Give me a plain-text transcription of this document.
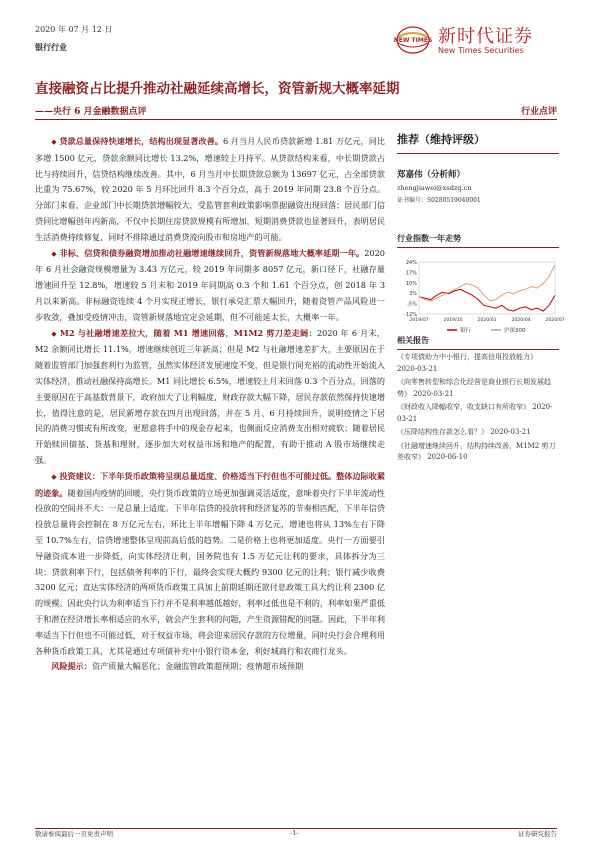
2020 年 07 月 12 日
银行行业
NEW TIMES 新时代证券
New Times Securities
直接融资占比提升推动社融延续高增长，资管新规大概率延期
——央行 6 月金融数据点评	行业点评

◆ 贷款总量保持快速增长，结构出现显著改善。6 月当月人民币贷款新增 1.81 万亿元，同比多增 1500 亿元，贷款余额同比增长 13.2%，增速较上月持平。从贷款结构来看，中长期贷款占比与持续回升，信贷结构继续改善。其中，6 月当月中长期贷款总额为 13697 亿元，占全部贷款比重为 75.67%，较 2020 年 5 月环比回升 8.3 个百分点，高于 2019 年同期 23.8 个百分点。分部门来看，企业部门中长期贷款增幅较大，受监管套利政策影响票据融资出现回落；居民部门信贷同比增幅创年内新高，不仅中长期住房贷款规模有所增加，短期消费贷款也显著回升，表明居民生活消费持续修复，同时不排除通过消费贷流向股市和房地产的可能。

◆ 非标、信贷和债券融资增加推动社融增速继续回升，资管新规落地大概率延期一年。2020 年 6 月社会融资规模增量为 3.43 万亿元，较 2019 年同期多 8057 亿元，新口径下，社融存量增速回升至 12.8%，增速较 5 月末和 2019 年同期高 0.3 个和 1.61 个百分点，创 2018 年 3 月以来新高。非标融资连续 4 个月实现正增长，银行承兑汇票大幅回升，随着资管产品风险进一步收敛，叠加受疫情冲击，资管新规落地宜定会延期，但不可能延太长，大概率一年。

◆ M2 与社融增速差拉大，随着 M1 增速回落，M1M2 剪刀差走阔：2020 年 6 月末，M2 余额同比增长 11.1%，增速继续创近三年新高；但是 M2 与社融增速差扩大，主要原因在于随着监管部门加强套利行为监管，虽然实体经济发展速度不变，但是银行间充裕的流动性开始流入实体经济，推动社融保持高增长。M1 同比增长 6.5%，增速较上月末回落 0.3 个百分点，回落的主要原因在于高基数背景下，政府加大了让利幅度，财政存款大幅下降，居民存款依然保持快速增长，值得注意的是，居民新增存款在四月出现回落，并在 5 月、6 月持续回升，说明疫情之下居民的消费习惯或有所改变，更愿意将手中的现金存起来，也侧面反应消费支出相对疲软；随着居民开始赎回债基、货基和理财，逐步加大对权益市场和地产的配置，有助于推动 A 股市场继续走强。

◆ 投资建议：下半年货币政策将呈现总量适度、价格适当下行但也不可能过低。整体边际收紧的迹象。随着国内疫情的回暖，央行货币政策的立场更加强调灵活适度，意味着央行下半年流动性投放的空间并不大：一是总量上适度。下半年信贷的投放将和经济复苏的节奏相匹配，下半年信贷投放总量将会控制在 8 万亿元左右，环比上半年增幅下降 4 万亿元，增速也将从 13%左右下降至 10.7%左右，信贷增速整体呈现前高后低的趋势。二是价格上也将更加适度。央行一方面要引导融资成本进一步降低，向实体经济让利，国务院也有 1.5 万亿元让利的要求，具体拆分为三块：贷款利率下行，包括债务利率的下行，最终会实现大概约 9300 亿元的让利；银行减少收费 3200 亿元；直达实体经济的两项货币政策工具加上前期延期还款付息政策工具大约让利 2300 亿的规模。因此央行认为利率适当下行并不是利率越低越好，利率过低也是不利的，利率如果严重低于和潜在经济增长率相适应的水平，就会产生套利的问题，产生资源错配的问题。因此，下半年利率适当下行但也不可能过低，对于权益市场，将会迎来居民存款的方位增量，同时央行会合理利用各种货币政策工具，尤其是通过专项债补充中小银行资本金，利好城商行和农商行龙头。

风险提示：资产质量大幅恶化；金融监管政策超预期；疫情超市场预期
推荐（维持评级）
郑嘉伟（分析师）
zhengjiawei@xsdzq.cn
证书编号：S0280519040001
行业指数一年走势
24%
17%
10%
3%
-5%
-12%
2019/07	2019/10	2020/01	2020/04	2020/07
银行	沪深300
相关报告
《专项债助力中小银行，提高信用投放能力》 2020-03-21
《向零售转型和综合化经营是商业银行长期发展趋势》 2020-03-21
《财政收入降幅收窄，收支缺口有所收窄》 2020-03-21
《压降结构性存款怎么看？》 2020-03-21
《社融增速继续回升，结构持续改善，M1M2 剪刀差收窄》 2020-06-10
敬请参阅最后一页免责声明	-1-	证券研究报告
